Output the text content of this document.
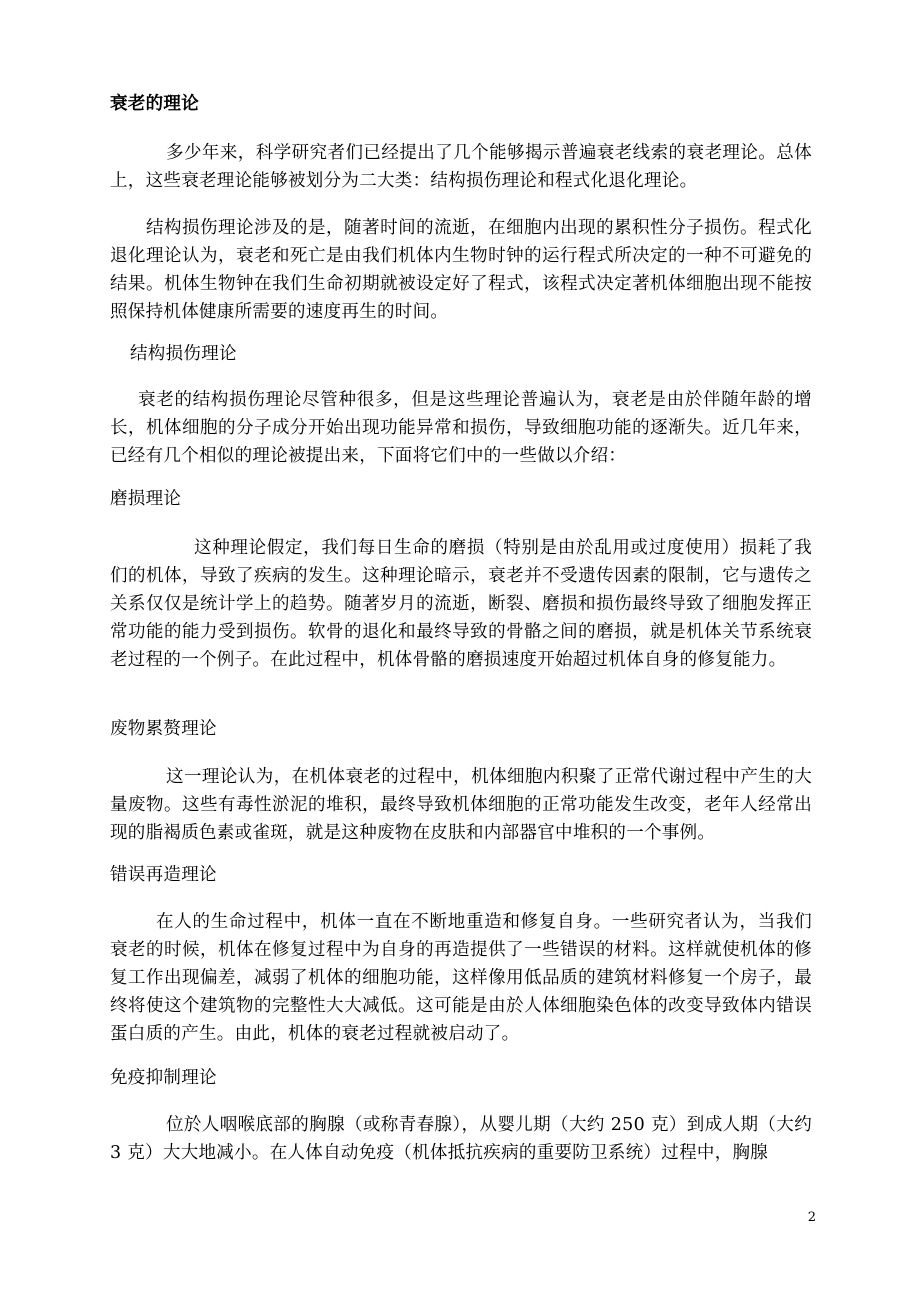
衰老的理论
多少年来，科学研究者们已经提出了几个能够揭示普遍衰老线索的衰老理论。总体上，这些衰老理论能够被划分为二大类：结构损伤理论和程式化退化理论。
结构损伤理论涉及的是，随著时间的流逝，在细胞内出现的累积性分子损伤。程式化退化理论认为，衰老和死亡是由我们机体内生物时钟的运行程式所决定的一种不可避免的结果。机体生物钟在我们生命初期就被设定好了程式，该程式决定著机体细胞出现不能按照保持机体健康所需要的速度再生的时间。
结构损伤理论
衰老的结构损伤理论尽管种很多，但是这些理论普遍认为，衰老是由於伴随年龄的增长，机体细胞的分子成分开始出现功能异常和损伤，导致细胞功能的逐渐失。近几年来，已经有几个相似的理论被提出来，下面将它们中的一些做以介绍：
磨损理论
这种理论假定，我们每日生命的磨损（特别是由於乱用或过度使用）损耗了我们的机体，导致了疾病的发生。这种理论暗示，衰老并不受遗传因素的限制，它与遗传之关系仅仅是统计学上的趋势。随著岁月的流逝，断裂、磨损和损伤最终导致了细胞发挥正常功能的能力受到损伤。软骨的退化和最终导致的骨骼之间的磨损，就是机体关节系统衰老过程的一个例子。在此过程中，机体骨骼的磨损速度开始超过机体自身的修复能力。
废物累赘理论
这一理论认为，在机体衰老的过程中，机体细胞内积聚了正常代谢过程中产生的大量废物。这些有毒性淤泥的堆积，最终导致机体细胞的正常功能发生改变，老年人经常出现的脂褐质色素或雀斑，就是这种废物在皮肤和内部器官中堆积的一个事例。
错误再造理论
在人的生命过程中，机体一直在不断地重造和修复自身。一些研究者认为，当我们衰老的时候，机体在修复过程中为自身的再造提供了一些错误的材料。这样就使机体的修复工作出现偏差，减弱了机体的细胞功能，这样像用低品质的建筑材料修复一个房子，最终将使这个建筑物的完整性大大减低。这可能是由於人体细胞染色体的改变导致体内错误蛋白质的产生。由此，机体的衰老过程就被启动了。
免疫抑制理论
位於人咽喉底部的胸腺（或称青春腺），从婴儿期（大约 250 克）到成人期（大约 3 克）大大地减小。在人体自动免疫（机体抵抗疾病的重要防卫系统）过程中，胸腺
2
